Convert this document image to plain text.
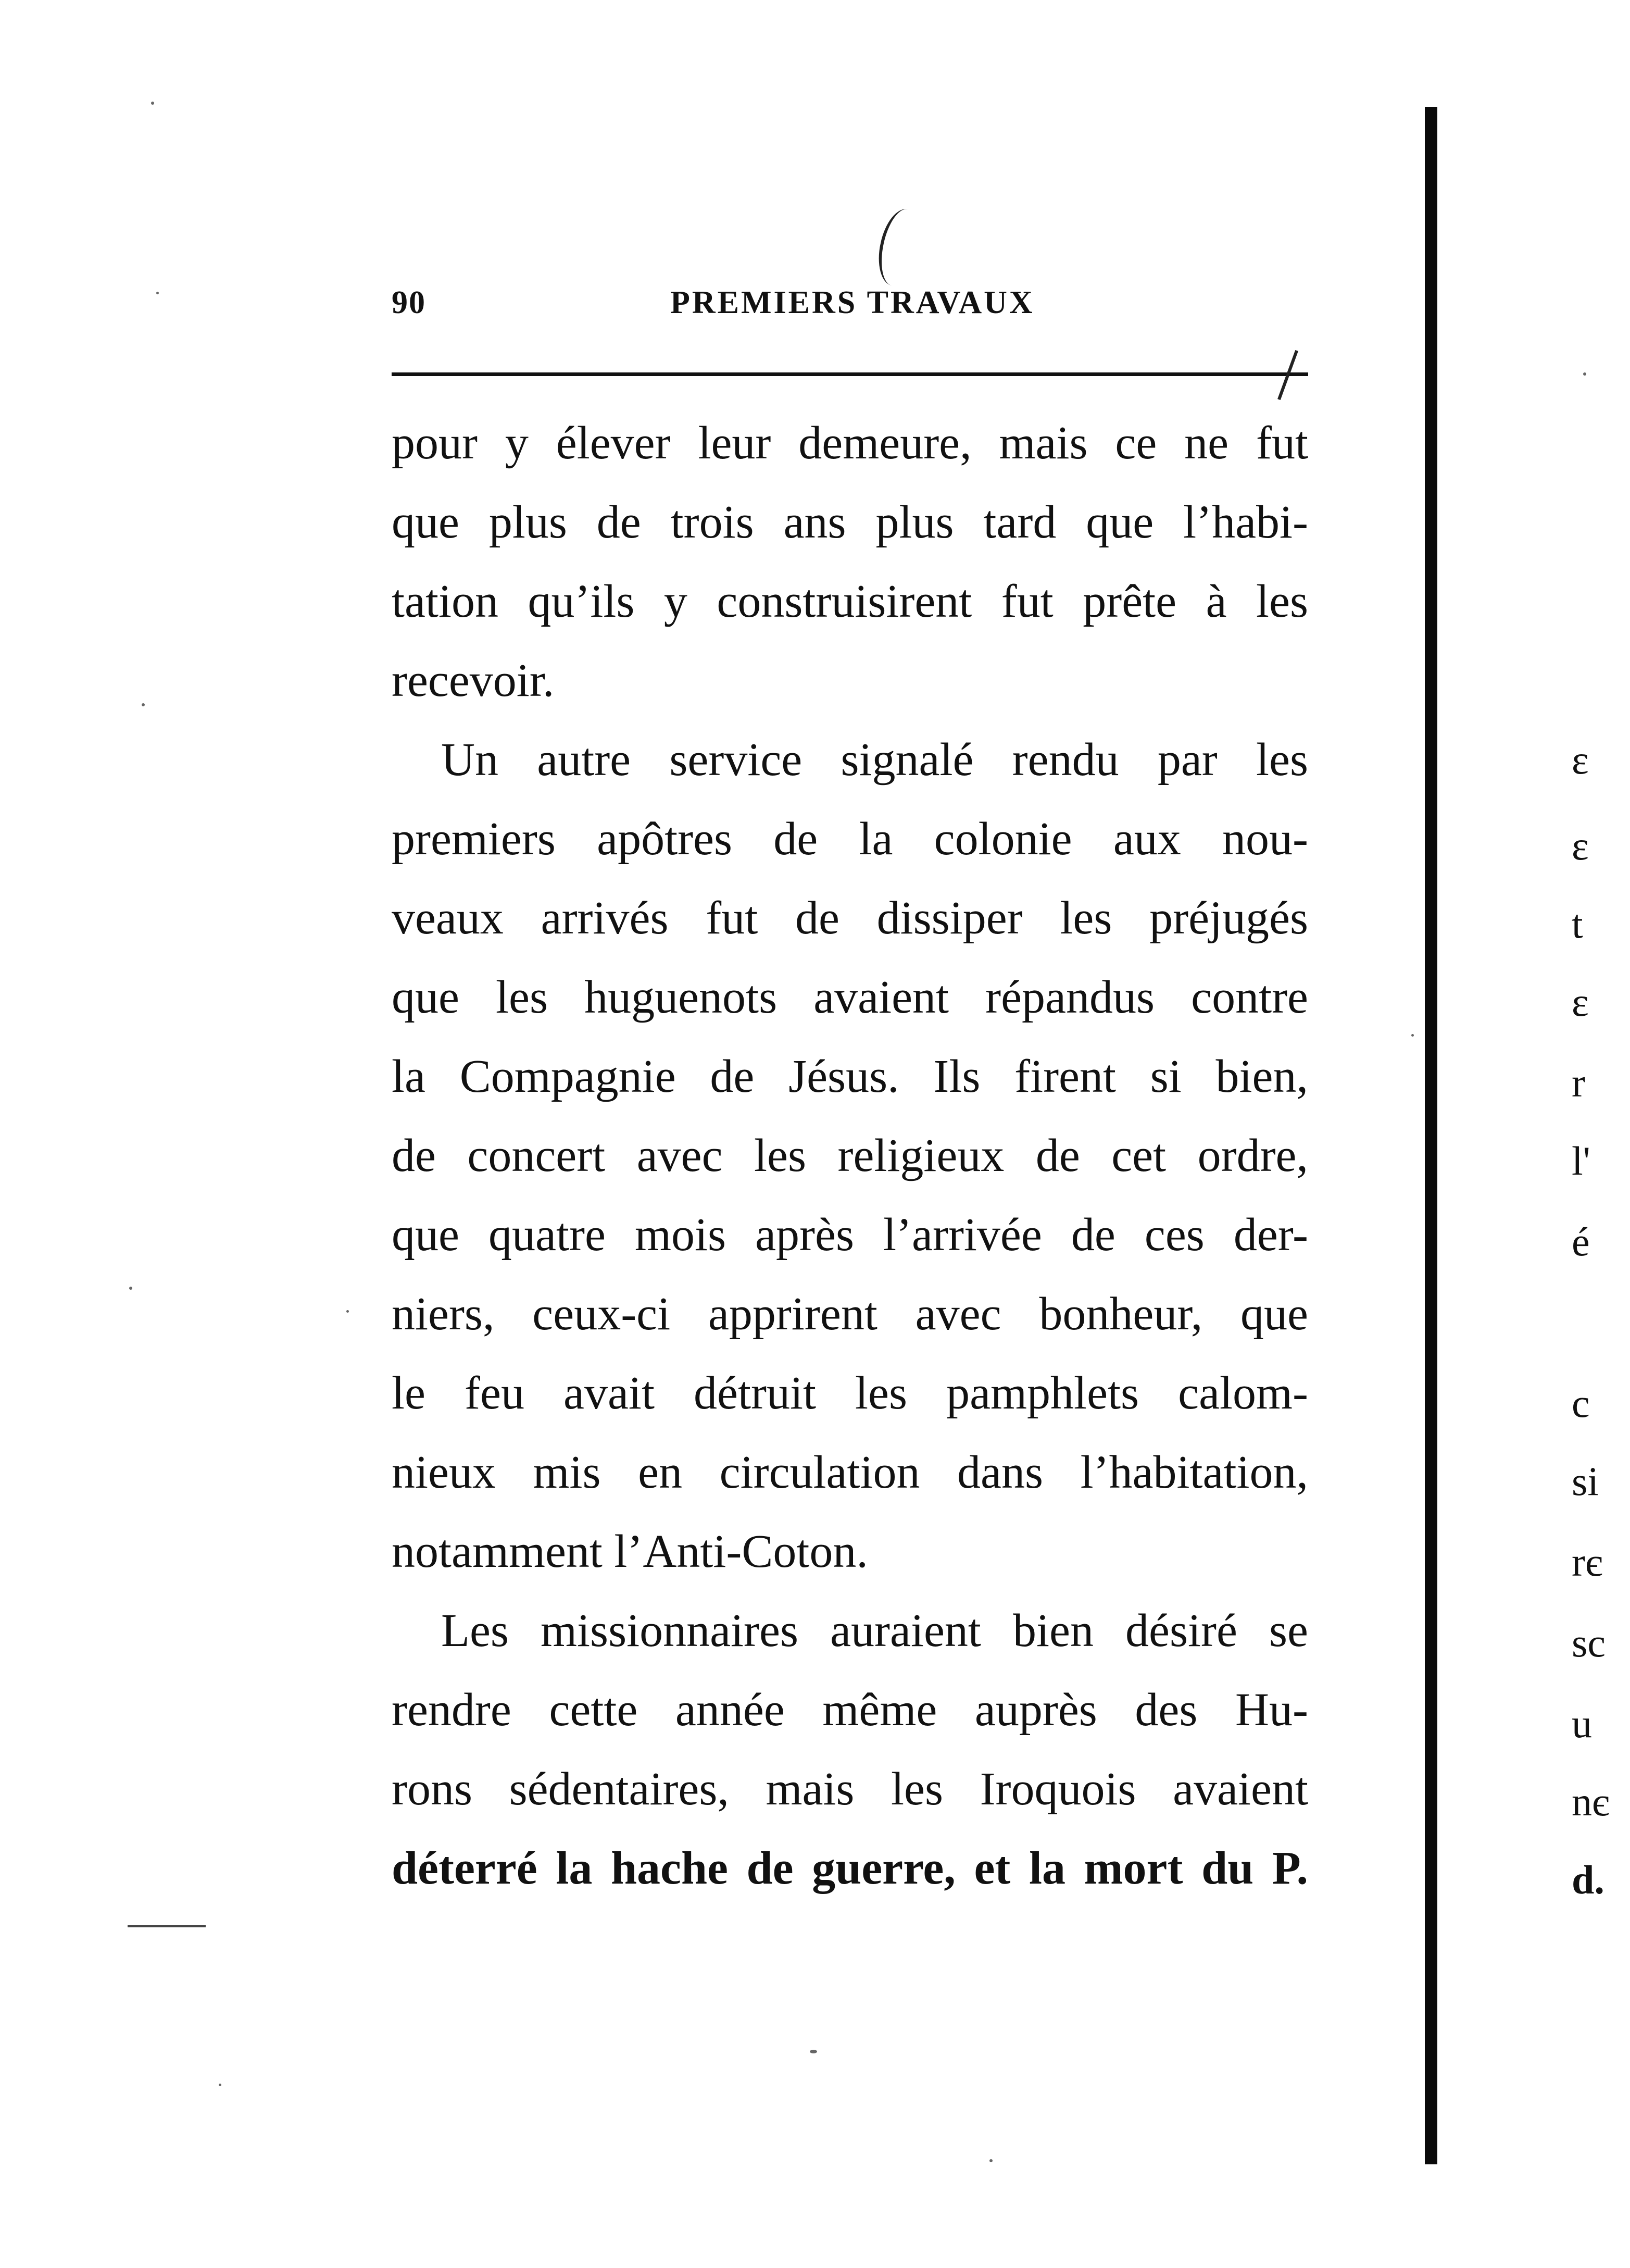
90	PREMIERS TRAVAUX
pour y élever leur demeure, mais ce ne fut
que plus de trois ans plus tard que l’habi-
tation qu’ils y construisirent fut prête à les
recevoir.
Un autre service signalé rendu par les
premiers apôtres de la colonie aux nou-
veaux arrivés fut de dissiper les préjugés
que les huguenots avaient répandus contre
la Compagnie de Jésus. Ils firent si bien,
de concert avec les religieux de cet ordre,
que quatre mois après l’arrivée de ces der-
niers, ceux-ci apprirent avec bonheur, que
le feu avait détruit les pamphlets calom-
nieux mis en circulation dans l’habitation,
notamment l’Anti-Coton.
Les missionnaires auraient bien désiré se
rendre cette année même auprès des Hu-
rons sédentaires, mais les Iroquois avaient
déterré la hache de guerre, et la mort du P.
ε
ε
t
ε
r
l'
é
c
si
rє
sc
u
nє
d.
